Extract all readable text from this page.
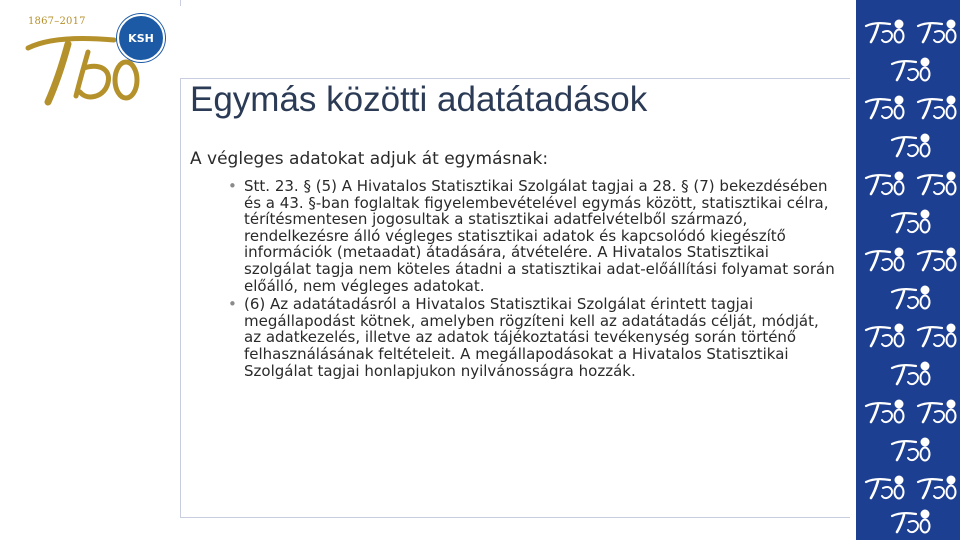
1867–2017
KSH
Egymás közötti adatátadások

A végleges adatokat adjuk át egymásnak:

• Stt. 23. § (5) A Hivatalos Statisztikai Szolgálat tagjai a 28. § (7) bekezdésében és a 43. §-ban foglaltak figyelembevételével egymás között, statisztikai célra, térítésmentesen jogosultak a statisztikai adatfelvételből származó, rendelkezésre álló végleges statisztikai adatok és kapcsolódó kiegészítő információk (metaadat) átadására, átvételére. A Hivatalos Statisztikai szolgálat tagja nem köteles átadni a statisztikai adat-előállítási folyamat során előálló, nem végleges adatokat.
• (6) Az adatátadásról a Hivatalos Statisztikai Szolgálat érintett tagjai megállapodást kötnek, amelyben rögzíteni kell az adatátadás célját, módját, az adatkezelés, illetve az adatok tájékoztatási tevékenység során történő felhasználásának feltételeit. A megállapodásokat a Hivatalos Statisztikai Szolgálat tagjai honlapjukon nyilvánosságra hozzák.
